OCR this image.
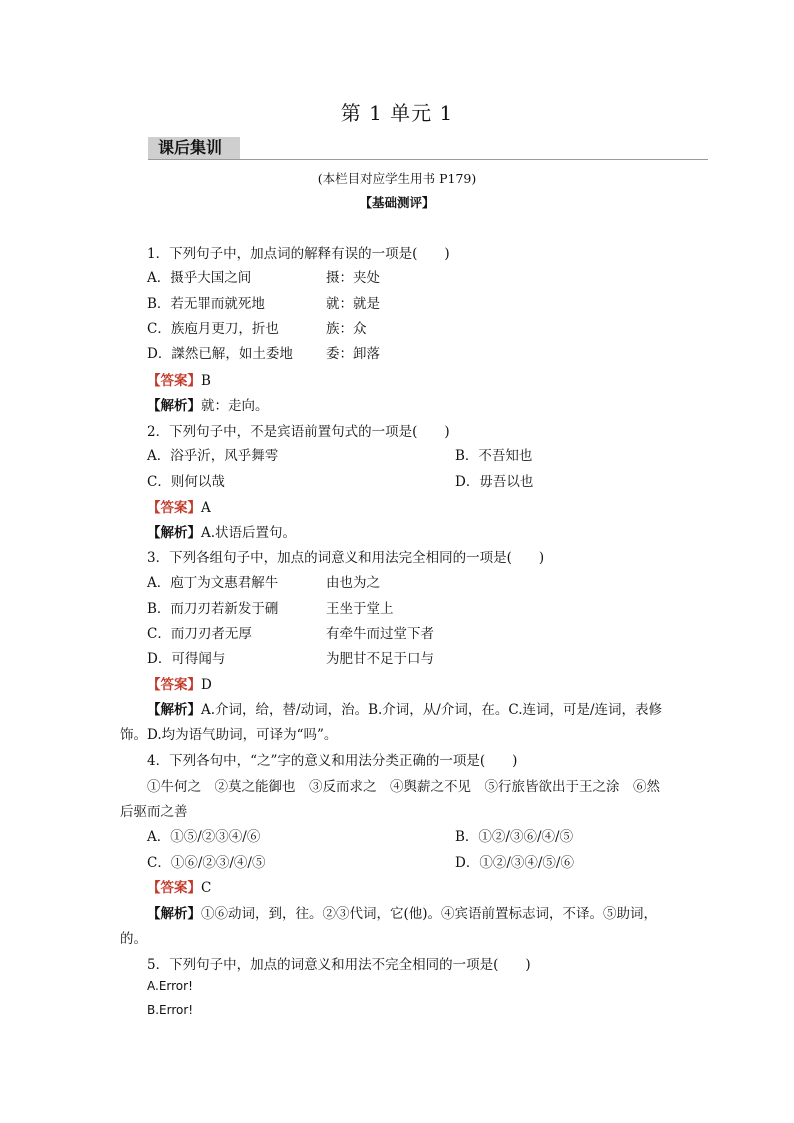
第 1 单元 1
课后集训
(本栏目对应学生用书 P179)
【基础测评】
1．下列句子中，加点词的解释有误的一项是(　　)
A．摄乎大国之间	摄：夹处
B．若无罪而就死地	就：就是
C．族庖月更刀，折也	族：众
D．謋然已解，如土委地 委：卸落
【答案】B
【解析】就：走向。
2．下列句子中，不是宾语前置句式的一项是(　　)
A．浴乎沂，风乎舞雩	B．不吾知也
C．则何以哉	D．毋吾以也
【答案】A
【解析】A.状语后置句。
3．下列各组句子中，加点的词意义和用法完全相同的一项是(　　)
A．庖丁为文惠君解牛	由也为之
B．而刀刃若新发于硎	王坐于堂上
C．而刀刃者无厚	有牵牛而过堂下者
D．可得闻与	为肥甘不足于口与
【答案】D
【解析】A.介词，给，替/动词，治。B.介词，从/介词，在。C.连词，可是/连词，表修
饰。D.均为语气助词，可译为“吗”。
4．下列各句中，“之”字的意义和用法分类正确的一项是(　　)
①牛何之　②莫之能御也　③反而求之　④舆薪之不见　⑤行旅皆欲出于王之涂　⑥然
后驱而之善
A．①⑤/②③④/⑥	B．①②/③⑥/④/⑤
C．①⑥/②③/④/⑤	D．①②/③④/⑤/⑥
【答案】C
【解析】①⑥动词，到，往。②③代词，它(他)。④宾语前置标志词，不译。⑤助词，
的。
5．下列句子中，加点的词意义和用法不完全相同的一项是(　　)
A.Error!
B.Error!
